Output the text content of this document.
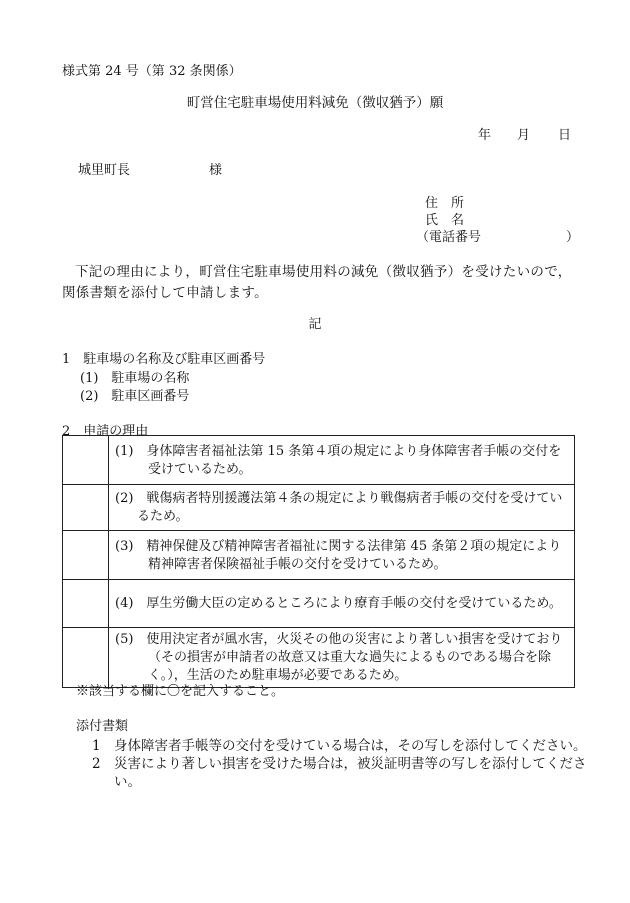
様式第 24 号（第 32 条関係）
町営住宅駐車場使用料減免（徴収猶予）願
年 月 日
城里町長	様
住　所
氏　名
（電話番号	）
下記の理由により，町営住宅駐車場使用料の減免（徴収猶予）を受けたいので，関係書類を添付して申請します。
記
1　駐車場の名称及び駐車区画番号
(1)　駐車場の名称
(2)　駐車区画番号
2　申請の理由

	(1)　身体障害者福祉法第 15 条第４項の規定により身体障害者手帳の交付を受けているため。

	(2)　戦傷病者特別援護法第４条の規定により戦傷病者手帳の交付を受けているため。

	(3)　精神保健及び精神障害者福祉に関する法律第 45 条第２項の規定により精神障害者保険福祉手帳の交付を受けているため。

	(4)　厚生労働大臣の定めるところにより療育手帳の交付を受けているため。

	(5)　使用決定者が風水害，火災その他の災害により著しい損害を受けており（その損害が申請者の故意又は重大な過失によるものである場合を除く。），生活のため駐車場が必要であるため。
※該当する欄に〇を記入すること。
添付書類
1 身体障害者手帳等の交付を受けている場合は，その写しを添付してください。
2 災害により著しい損害を受けた場合は，被災証明書等の写しを添付してください。
